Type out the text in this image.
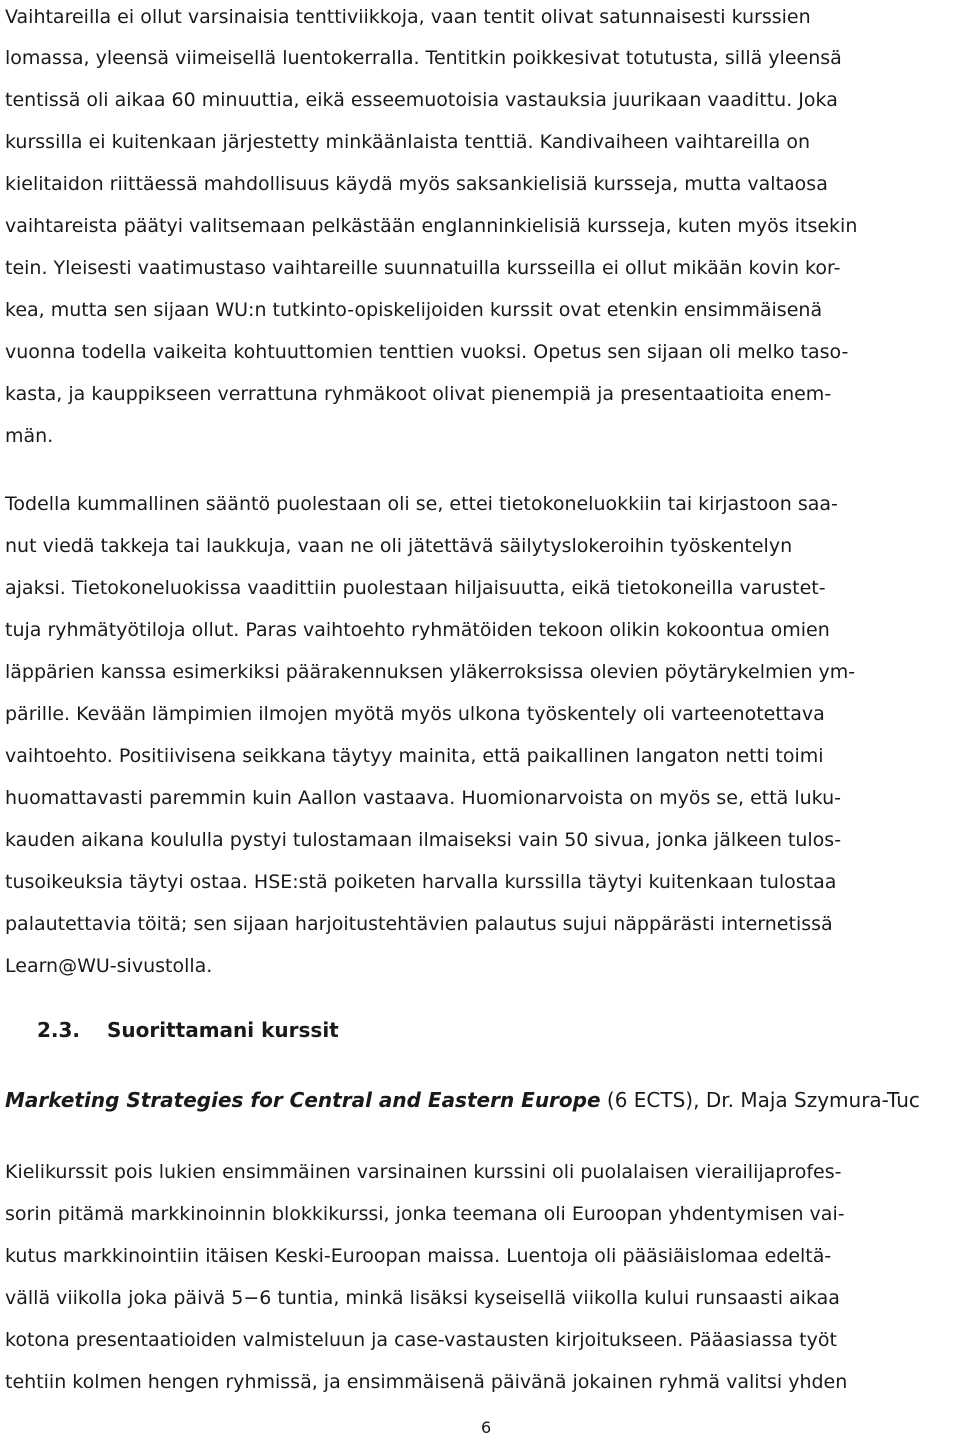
Vaihtareilla ei ollut varsinaisia tenttiviikkoja, vaan tentit olivat satunnaisesti kurssien
lomassa, yleensä viimeisellä luentokerralla. Tentitkin poikkesivat totutusta, sillä yleensä
tentissä oli aikaa 60 minuuttia, eikä esseemuotoisia vastauksia juurikaan vaadittu. Joka
kurssilla ei kuitenkaan järjestetty minkäänlaista tenttiä. Kandivaiheen vaihtareilla on
kielitaidon riittäessä mahdollisuus käydä myös saksankielisiä kursseja, mutta valtaosa
vaihtareista päätyi valitsemaan pelkästään englanninkielisiä kursseja, kuten myös itsekin
tein. Yleisesti vaatimustaso vaihtareille suunnatuilla kursseilla ei ollut mikään kovin kor-
kea, mutta sen sijaan WU:n tutkinto-opiskelijoiden kurssit ovat etenkin ensimmäisenä
vuonna todella vaikeita kohtuuttomien tenttien vuoksi. Opetus sen sijaan oli melko taso-
kasta, ja kauppikseen verrattuna ryhmäkoot olivat pienempiä ja presentaatioita enem-
män.
Todella kummallinen sääntö puolestaan oli se, ettei tietokoneluokkiin tai kirjastoon saa-
nut viedä takkeja tai laukkuja, vaan ne oli jätettävä säilytyslokeroihin työskentelyn
ajaksi. Tietokoneluokissa vaadittiin puolestaan hiljaisuutta, eikä tietokoneilla varustet-
tuja ryhmätyötiloja ollut. Paras vaihtoehto ryhmätöiden tekoon olikin kokoontua omien
läppärien kanssa esimerkiksi päärakennuksen yläkerroksissa olevien pöytärykelmien ym-
pärille. Kevään lämpimien ilmojen myötä myös ulkona työskentely oli varteenotettava
vaihtoehto. Positiivisena seikkana täytyy mainita, että paikallinen langaton netti toimi
huomattavasti paremmin kuin Aallon vastaava. Huomionarvoista on myös se, että luku-
kauden aikana koululla pystyi tulostamaan ilmaiseksi vain 50 sivua, jonka jälkeen tulos-
tusoikeuksia täytyi ostaa. HSE:stä poiketen harvalla kurssilla täytyi kuitenkaan tulostaa
palautettavia töitä; sen sijaan harjoitustehtävien palautus sujui näppärästi internetissä
Learn@WU-sivustolla.
2.3. Suorittamani kurssit
Marketing Strategies for Central and Eastern Europe (6 ECTS), Dr. Maja Szymura-Tuc
Kielikurssit pois lukien ensimmäinen varsinainen kurssini oli puolalaisen vierailijaprofes-
sorin pitämä markkinoinnin blokkikurssi, jonka teemana oli Euroopan yhdentymisen vai-
kutus markkinointiin itäisen Keski-Euroopan maissa. Luentoja oli pääsiäislomaa edeltä-
vällä viikolla joka päivä 5−6 tuntia, minkä lisäksi kyseisellä viikolla kului runsaasti aikaa
kotona presentaatioiden valmisteluun ja case-vastausten kirjoitukseen. Pääasiassa työt
tehtiin kolmen hengen ryhmissä, ja ensimmäisenä päivänä jokainen ryhmä valitsi yhden
6
